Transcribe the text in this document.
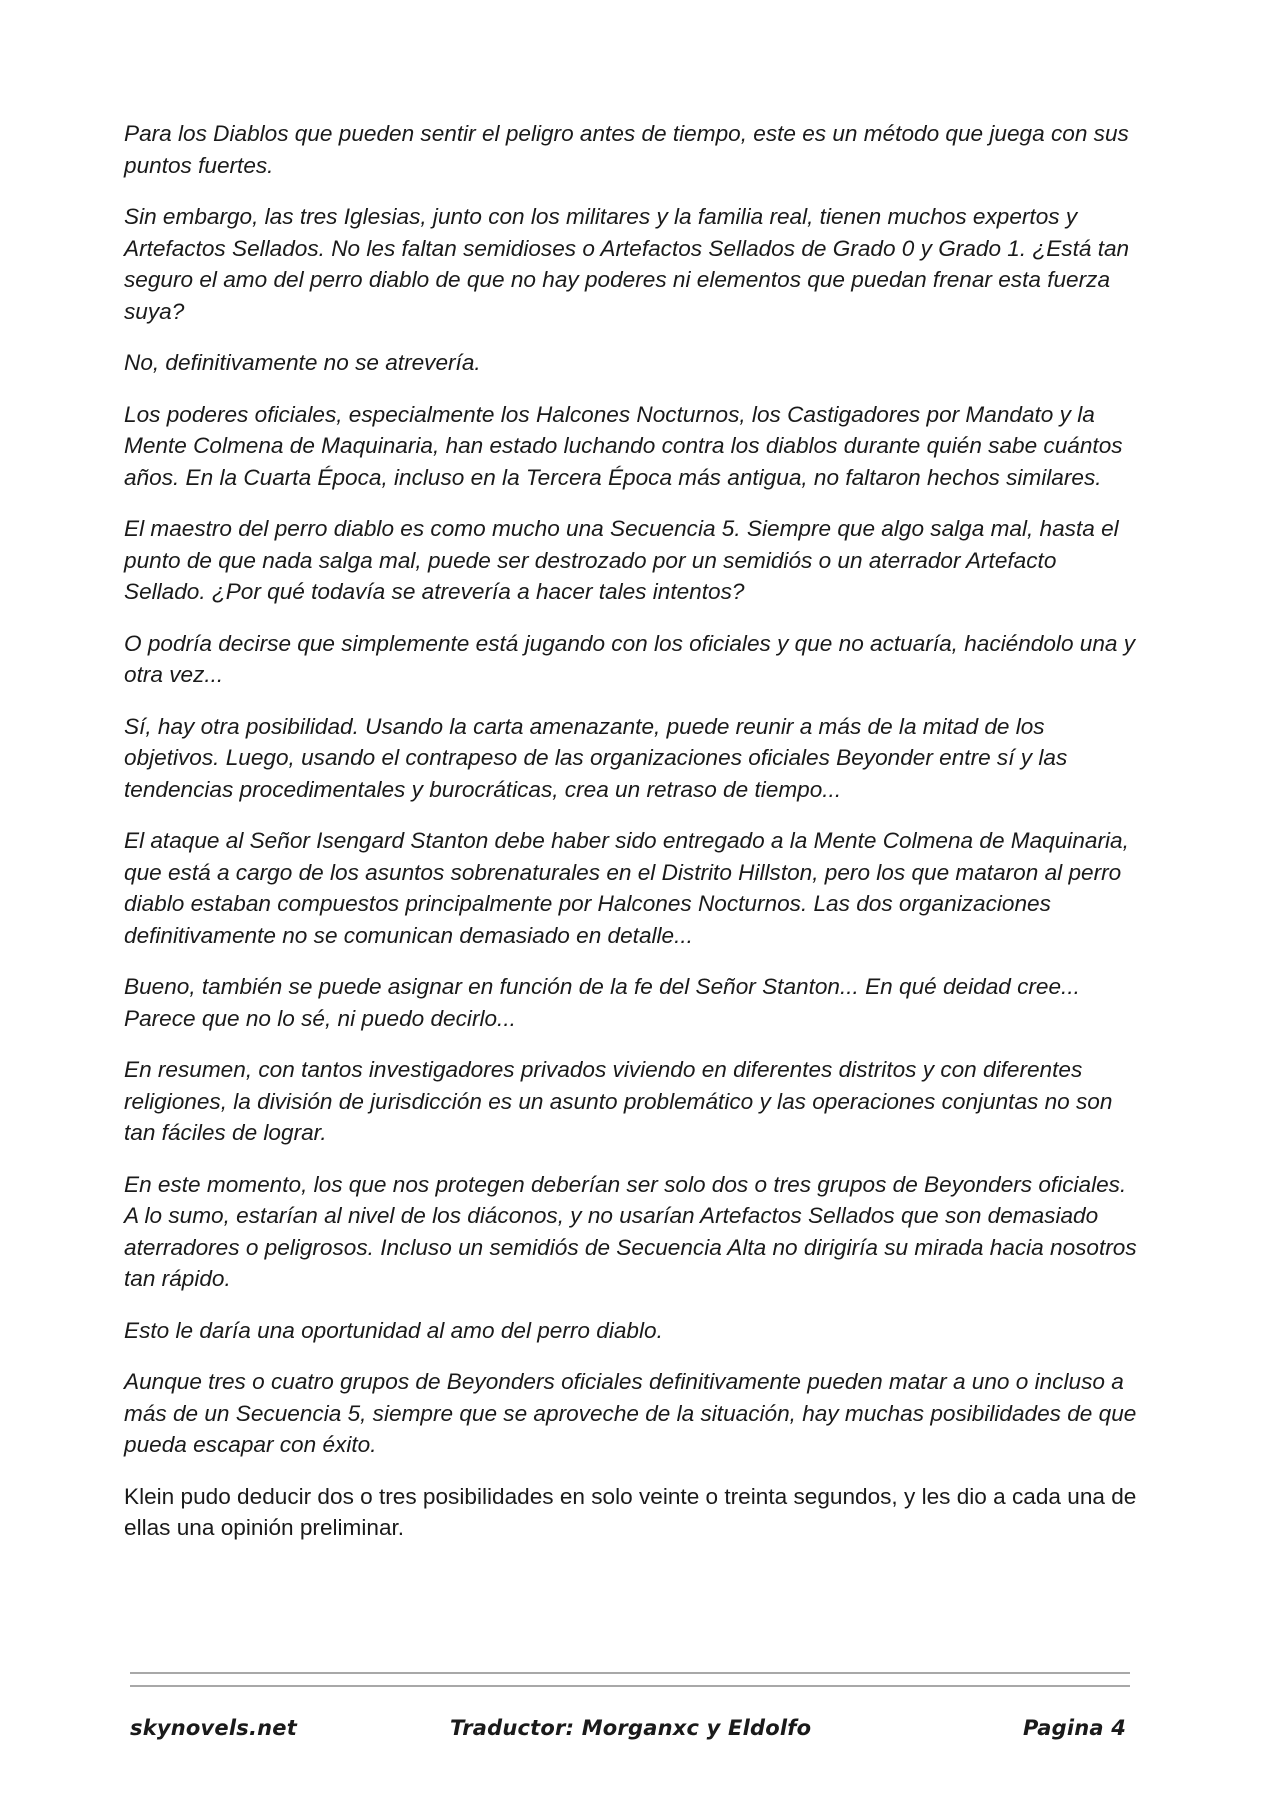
Para los Diablos que pueden sentir el peligro antes de tiempo, este es un método que juega con sus puntos fuertes.

Sin embargo, las tres Iglesias, junto con los militares y la familia real, tienen muchos expertos y Artefactos Sellados. No les faltan semidioses o Artefactos Sellados de Grado 0 y Grado 1. ¿Está tan seguro el amo del perro diablo de que no hay poderes ni elementos que puedan frenar esta fuerza suya?

No, definitivamente no se atrevería.

Los poderes oficiales, especialmente los Halcones Nocturnos, los Castigadores por Mandato y la Mente Colmena de Maquinaria, han estado luchando contra los diablos durante quién sabe cuántos años. En la Cuarta Época, incluso en la Tercera Época más antigua, no faltaron hechos similares.

El maestro del perro diablo es como mucho una Secuencia 5. Siempre que algo salga mal, hasta el punto de que nada salga mal, puede ser destrozado por un semidiós o un aterrador Artefacto Sellado. ¿Por qué todavía se atrevería a hacer tales intentos?

O podría decirse que simplemente está jugando con los oficiales y que no actuaría, haciéndolo una y otra vez...

Sí, hay otra posibilidad. Usando la carta amenazante, puede reunir a más de la mitad de los objetivos. Luego, usando el contrapeso de las organizaciones oficiales Beyonder entre sí y las tendencias procedimentales y burocráticas, crea un retraso de tiempo...

El ataque al Señor Isengard Stanton debe haber sido entregado a la Mente Colmena de Maquinaria, que está a cargo de los asuntos sobrenaturales en el Distrito Hillston, pero los que mataron al perro diablo estaban compuestos principalmente por Halcones Nocturnos. Las dos organizaciones definitivamente no se comunican demasiado en detalle...

Bueno, también se puede asignar en función de la fe del Señor Stanton... En qué deidad cree... Parece que no lo sé, ni puedo decirlo...

En resumen, con tantos investigadores privados viviendo en diferentes distritos y con diferentes religiones, la división de jurisdicción es un asunto problemático y las operaciones conjuntas no son tan fáciles de lograr.

En este momento, los que nos protegen deberían ser solo dos o tres grupos de Beyonders oficiales. A lo sumo, estarían al nivel de los diáconos, y no usarían Artefactos Sellados que son demasiado aterradores o peligrosos. Incluso un semidiós de Secuencia Alta no dirigiría su mirada hacia nosotros tan rápido.

Esto le daría una oportunidad al amo del perro diablo.

Aunque tres o cuatro grupos de Beyonders oficiales definitivamente pueden matar a uno o incluso a más de un Secuencia 5, siempre que se aproveche de la situación, hay muchas posibilidades de que pueda escapar con éxito.

Klein pudo deducir dos o tres posibilidades en solo veinte o treinta segundos, y les dio a cada una de ellas una opinión preliminar.

skynovels.net	Traductor: Morganxc y Eldolfo	Pagina 4
